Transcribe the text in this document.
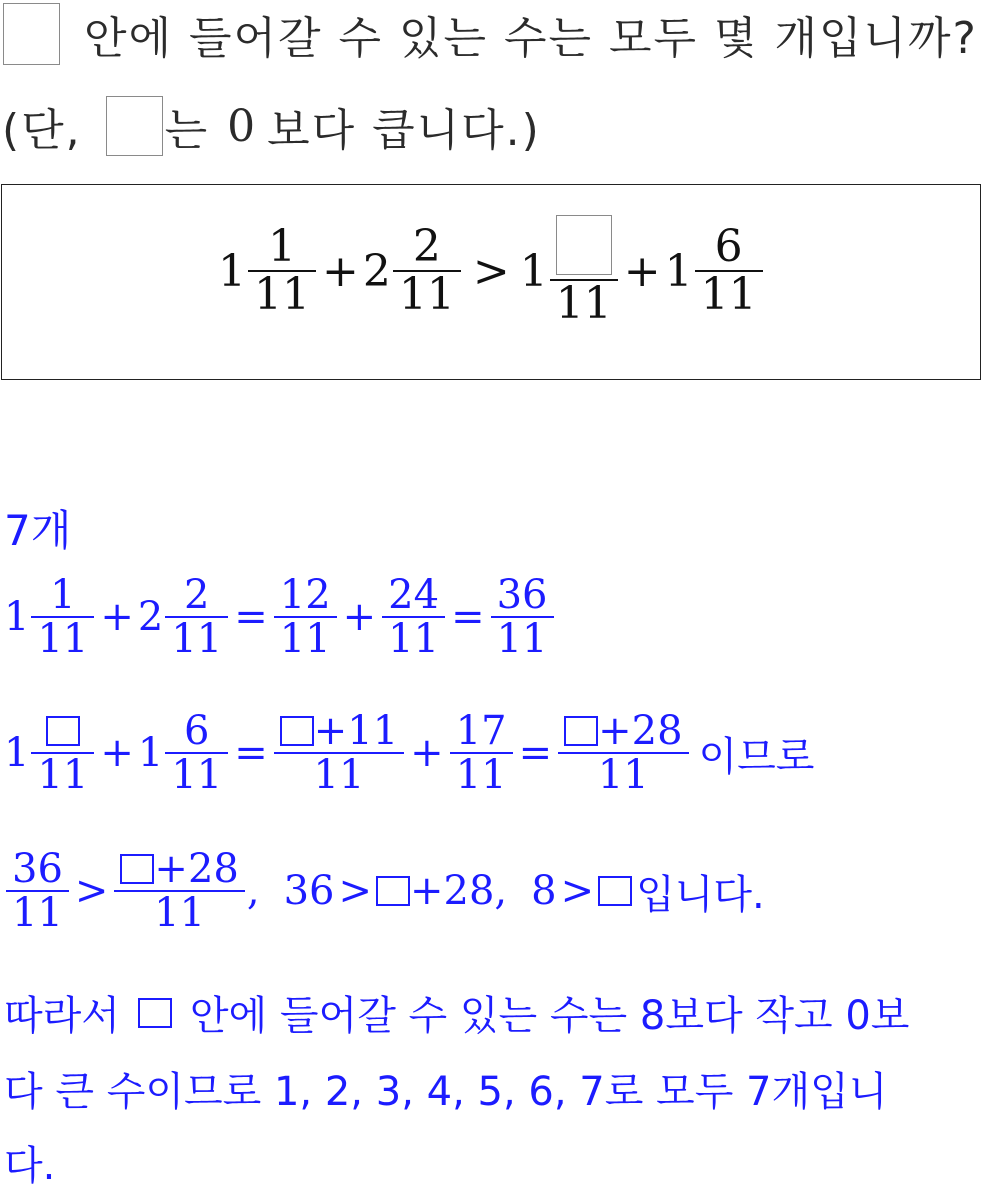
안에 들어갈 수 있는 수는 모두 몇 개입니까?
(단, 는 0 보다 큽니다.)
$1 \frac{1}{11} + 2 \frac{2}{11} > 1$
11
+ $1 \frac{6}{11}$
7개
$1 \frac{1}{11} + 2 \frac{2}{11} = \frac{12}{11} + \frac{24}{11} = \frac{36}{11}$
1 $11 + 1 \frac{6}{11} = \frac{+11}{11} + \frac{17}{11} = \frac{+28}{11}$ 이므로
$\frac{36}{11} > \frac{+28}{11}$ , 36 > +28, 8 > 입니다.
따라서 안에 들어갈 수 있는 수는 8보다 작고 0보
다 큰 수이므로 1, 2, 3, 4, 5, 6, 7로 모두 7개입니
다.
